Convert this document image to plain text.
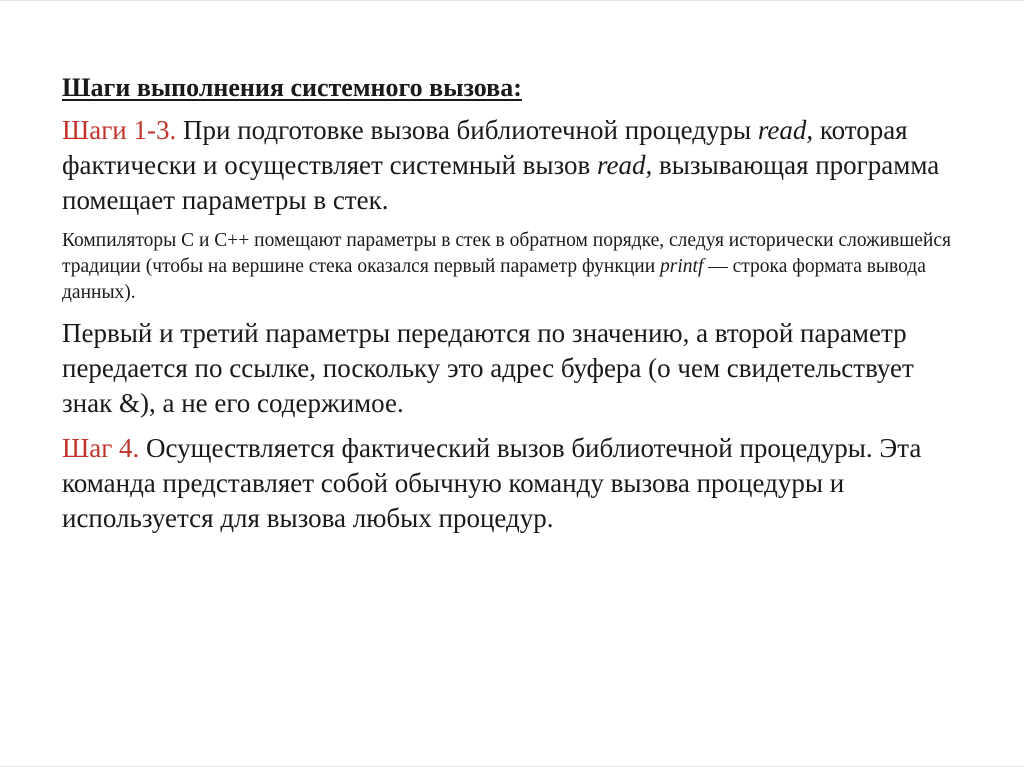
Шаги выполнения системного вызова:

Шаги 1-3. При подготовке вызова библиотечной процедуры read, которая фактически и осуществляет системный вызов read, вызывающая программа помещает параметры в стек.

Компиляторы С и С++ помещают параметры в стек в обратном порядке, следуя исторически сложившейся традиции (чтобы на вершине стека оказался первый параметр функции printf — строка формата вывода данных).

Первый и третий параметры передаются по значению, а второй параметр передается по ссылке, поскольку это адрес буфера (о чем свидетельствует знак &), а не его содержимое.

Шаг 4. Осуществляется фактический вызов библиотечной процедуры. Эта команда представляет собой обычную команду вызова процедуры и используется для вызова любых процедур.
